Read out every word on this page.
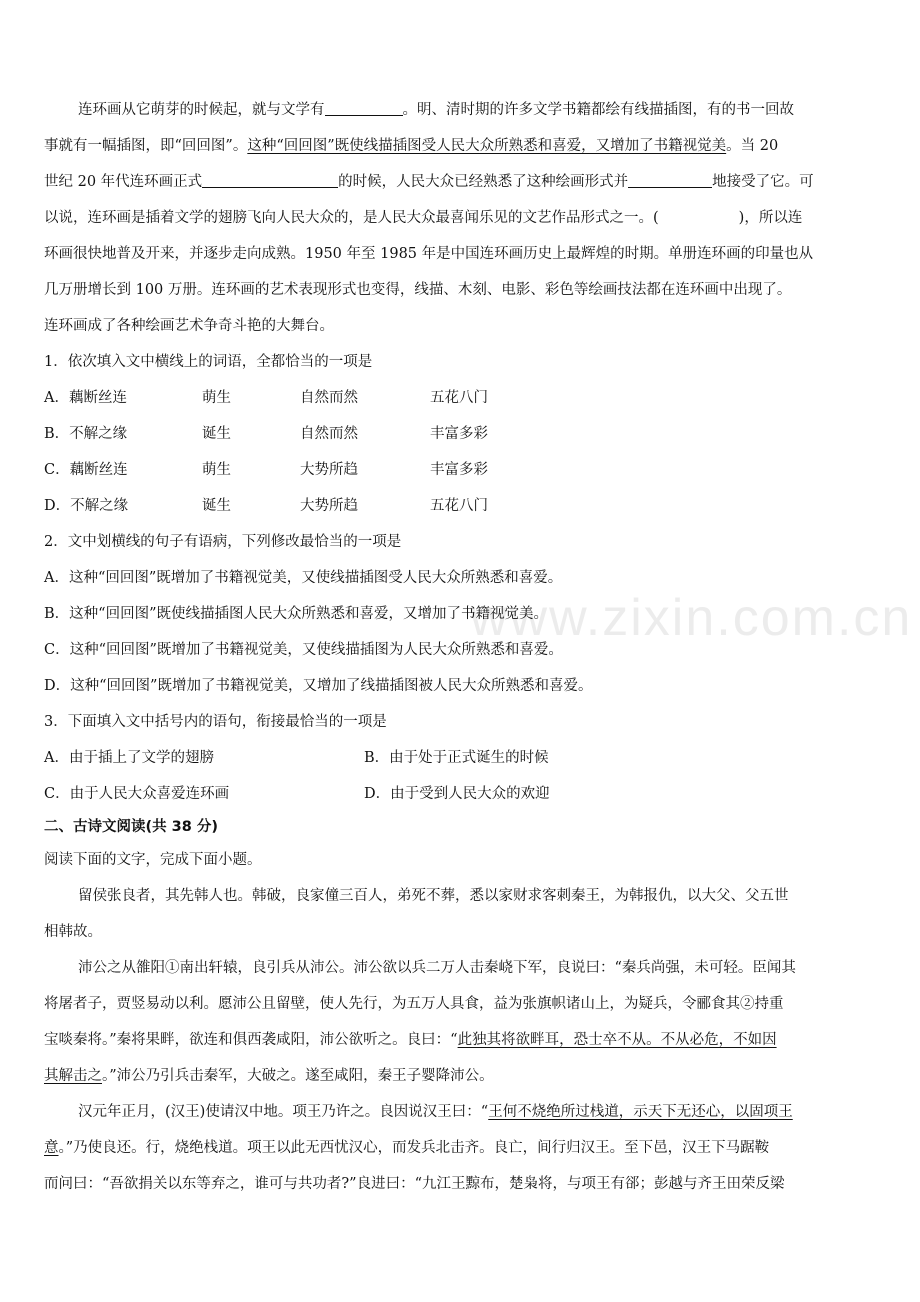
www.zixin.com.cn
连环画从它萌芽的时候起，就与文学有	。明、清时期的许多文学书籍都绘有线描插图，有的书一回故
事就有一幅插图，即“回回图”。这种“回回图”既使线描插图受人民大众所熟悉和喜爱，又增加了书籍视觉美。当 20
世纪 20 年代连环画正式	的时候，人民大众已经熟悉了这种绘画形式并	地接受了它。可
以说，连环画是插着文学的翅膀飞向人民大众的，是人民大众最喜闻乐见的文艺作品形式之一。(	)，所以连
环画很快地普及开来，并逐步走向成熟。1950 年至 1985 年是中国连环画历史上最辉煌的时期。单册连环画的印量也从
几万册增长到 100 万册。连环画的艺术表现形式也变得，线描、木刻、电影、彩色等绘画技法都在连环画中出现了。
连环画成了各种绘画艺术争奇斗艳的大舞台。
1．依次填入文中横线上的词语，全都恰当的一项是
A．藕断丝连	萌生	自然而然	五花八门
B．不解之缘	诞生	自然而然	丰富多彩
C．藕断丝连	萌生	大势所趋	丰富多彩
D．不解之缘	诞生	大势所趋	五花八门
2．文中划横线的句子有语病，下列修改最恰当的一项是
A．这种“回回图”既增加了书籍视觉美，又使线描插图受人民大众所熟悉和喜爱。
B．这种“回回图”既使线描插图人民大众所熟悉和喜爱，又增加了书籍视觉美。
C．这种“回回图”既增加了书籍视觉美，又使线描插图为人民大众所熟悉和喜爱。
D．这种“回回图”既增加了书籍视觉美，又增加了线描插图被人民大众所熟悉和喜爱。
3．下面填入文中括号内的语句，衔接最恰当的一项是
A．由于插上了文学的翅膀	B．由于处于正式诞生的时候
C．由于人民大众喜爱连环画	D．由于受到人民大众的欢迎
二、古诗文阅读(共 38 分)
阅读下面的文字，完成下面小题。
留侯张良者，其先韩人也。韩破，良家僮三百人，弟死不葬，悉以家财求客刺秦王，为韩报仇，以大父、父五世
相韩故。
沛公之从雒阳①南出轩辕，良引兵从沛公。沛公欲以兵二万人击秦峣下军，良说曰：“秦兵尚强，未可轻。臣闻其
将屠者子，贾竖易动以利。愿沛公且留壁，使人先行，为五万人具食，益为张旗帜诸山上，为疑兵，令郦食其②持重
宝啖秦将。”秦将果畔，欲连和俱西袭咸阳，沛公欲听之。良曰：“此独其将欲畔耳，恐士卒不从。不从必危，不如因
其解击之。”沛公乃引兵击秦军，大破之。遂至咸阳，秦王子婴降沛公。
汉元年正月，(汉王)使请汉中地。项王乃许之。良因说汉王曰：“王何不烧绝所过栈道，示天下无还心，以固项王
意。”乃使良还。行，烧绝栈道。项王以此无西忧汉心，而发兵北击齐。良亡，间行归汉王。至下邑，汉王下马踞鞍
而问曰：“吾欲捐关以东等弃之，谁可与共功者?”良进曰：“九江王黥布，楚枭将，与项王有郤；彭越与齐王田荣反梁
